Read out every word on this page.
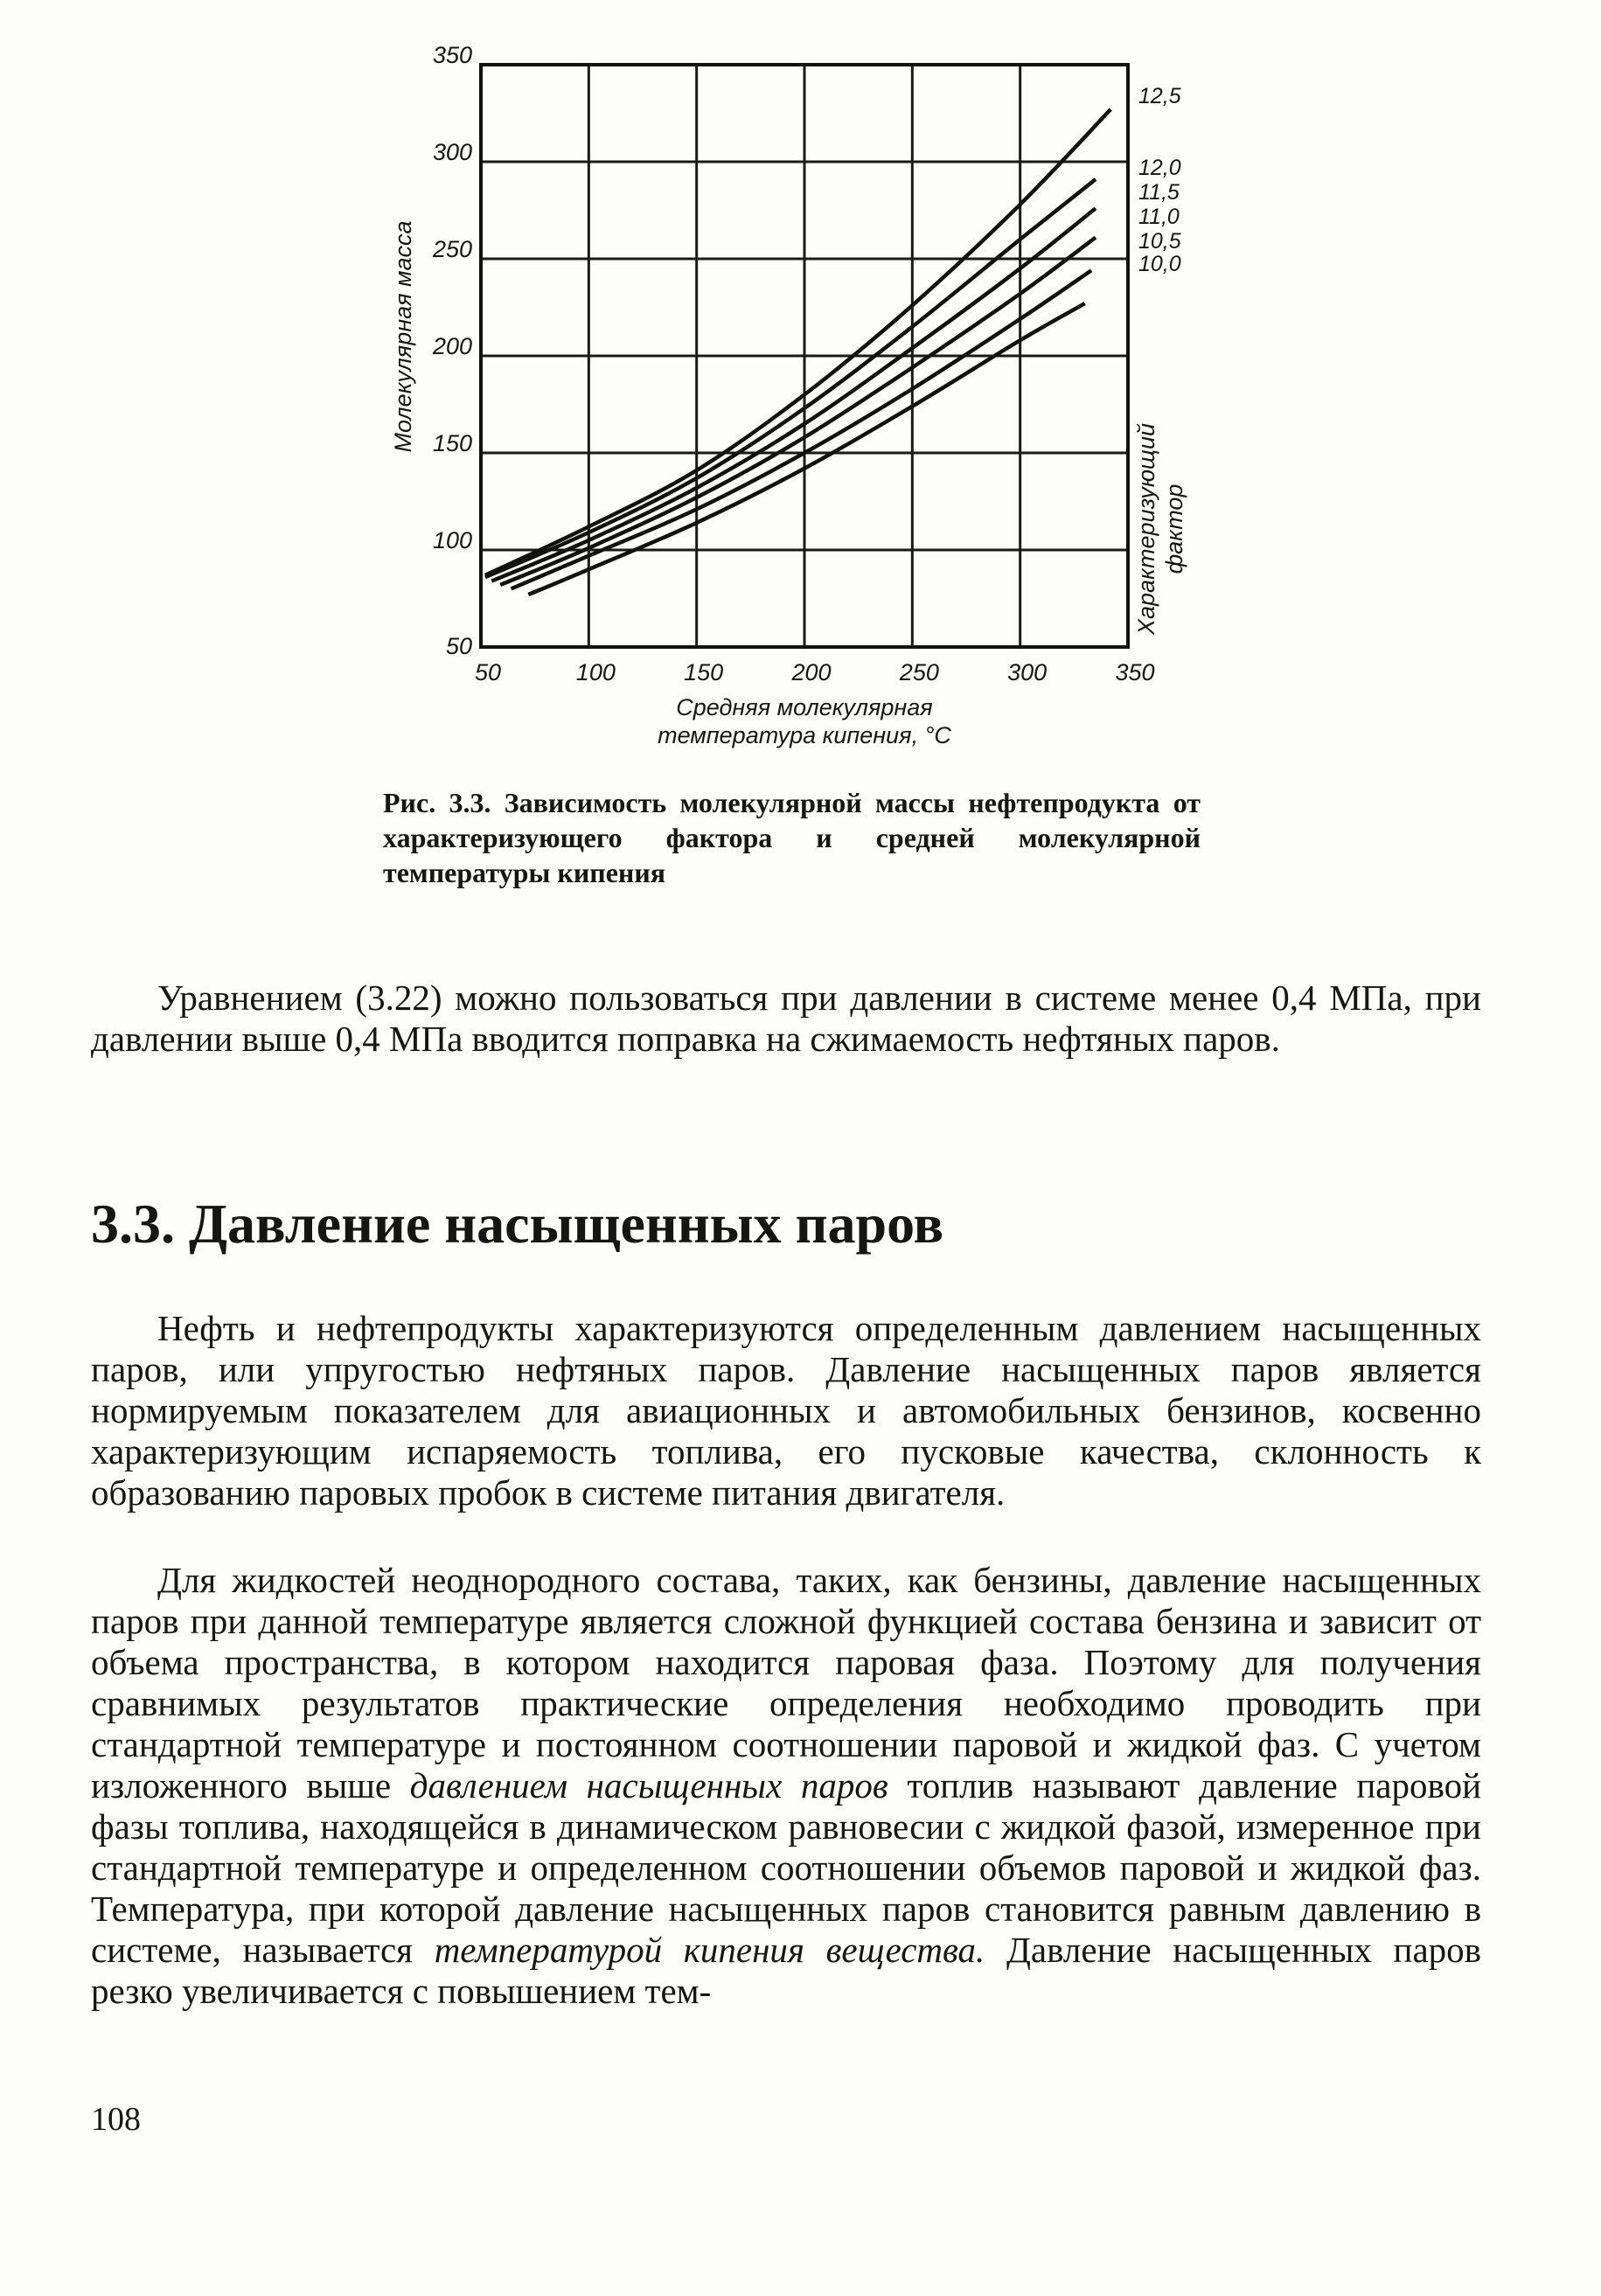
50	100	150	200	250	300	350
50
100
150
200
250
300
350
12,5
12,0
11,5
11,0
10,5
10,0
Молекулярная масса
Средняя молекулярная
температура кипения, °С
Характеризующий фактор
Рис. 3.3. Зависимость молекулярной массы нефтепродукта от характеризующего фактора и средней молекулярной температуры кипения

Уравнением (3.22) можно пользоваться при давлении в системе менее 0,4 МПа, при давлении выше 0,4 МПа вводится поправка на сжимаемость нефтяных паров.

3.3. Давление насыщенных паров

Нефть и нефтепродукты характеризуются определенным давлением насыщенных паров, или упругостью нефтяных паров. Давление насыщенных паров является нормируемым показателем для авиационных и автомобильных бензинов, косвенно характеризующим испаряемость топлива, его пусковые качества, склонность к образованию паровых пробок в системе питания двигателя.

Для жидкостей неоднородного состава, таких, как бензины, давление насыщенных паров при данной температуре является сложной функцией состава бензина и зависит от объема пространства, в котором находится паровая фаза. Поэтому для получения сравнимых результатов практические определения необходимо проводить при стандартной температуре и постоянном соотношении паровой и жидкой фаз. С учетом изложенного выше давлением насыщенных паров топлив называют давление паровой фазы топлива, находящейся в динамическом равновесии с жидкой фазой, измеренное при стандартной температуре и определенном соотношении объемов паровой и жидкой фаз. Температура, при которой давление насыщенных паров становится равным давлению в системе, называется температурой кипения вещества. Давление насыщенных паров резко увеличивается с повышением тем-

108
